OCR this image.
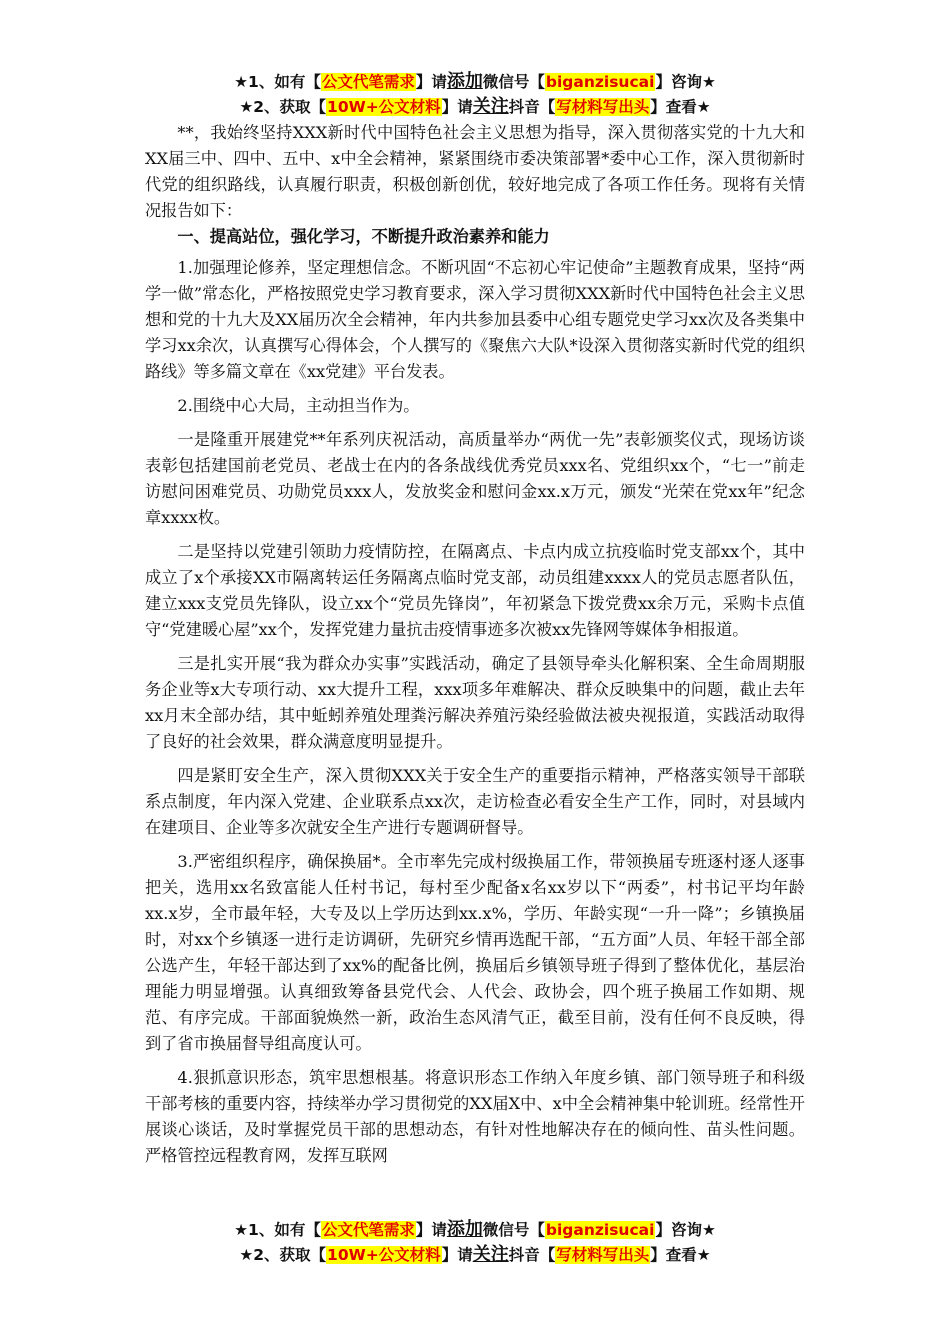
★1、如有【公文代笔需求】请添加微信号【biganzisucai】咨询★
★2、获取【10W+公文材料】请关注抖音【写材料写出头】查看★

**，我始终坚持XXX新时代中国特色社会主义思想为指导，深入贯彻落实党的十九大和XX届三中、四中、五中、x中全会精神，紧紧围绕市委决策部署*委中心工作，深入贯彻新时代党的组织路线，认真履行职责，积极创新创优，较好地完成了各项工作任务。现将有关情况报告如下：

一、提高站位，强化学习，不断提升政治素养和能力

1.加强理论修养，坚定理想信念。不断巩固“不忘初心牢记使命”主题教育成果，坚持“两学一做”常态化，严格按照党史学习教育要求，深入学习贯彻XXX新时代中国特色社会主义思想和党的十九大及XX届历次全会精神，年内共参加县委中心组专题党史学习xx次及各类集中学习xx余次，认真撰写心得体会，个人撰写的《聚焦六大队*设深入贯彻落实新时代党的组织路线》等多篇文章在《xx党建》平台发表。

2.围绕中心大局，主动担当作为。

一是隆重开展建党**年系列庆祝活动，高质量举办“两优一先”表彰颁奖仪式，现场访谈表彰包括建国前老党员、老战士在内的各条战线优秀党员xxx名、党组织xx个，“七一”前走访慰问困难党员、功勋党员xxx人，发放奖金和慰问金xx.x万元，颁发“光荣在党xx年”纪念章xxxx枚。

二是坚持以党建引领助力疫情防控，在隔离点、卡点内成立抗疫临时党支部xx个，其中成立了x个承接XX市隔离转运任务隔离点临时党支部，动员组建xxxx人的党员志愿者队伍，建立xxx支党员先锋队，设立xx个“党员先锋岗”，年初紧急下拨党费xx余万元，采购卡点值守“党建暖心屋”xx个，发挥党建力量抗击疫情事迹多次被xx先锋网等媒体争相报道。

三是扎实开展“我为群众办实事”实践活动，确定了县领导牵头化解积案、全生命周期服务企业等x大专项行动、xx大提升工程，xxx项多年难解决、群众反映集中的问题，截止去年xx月末全部办结，其中蚯蚓养殖处理粪污解决养殖污染经验做法被央视报道，实践活动取得了良好的社会效果，群众满意度明显提升。

四是紧盯安全生产，深入贯彻XXX关于安全生产的重要指示精神，严格落实领导干部联系点制度，年内深入党建、企业联系点xx次，走访检查必看安全生产工作，同时，对县域内在建项目、企业等多次就安全生产进行专题调研督导。

3.严密组织程序，确保换届*。全市率先完成村级换届工作，带领换届专班逐村逐人逐事把关，选用xx名致富能人任村书记，每村至少配备x名xx岁以下“两委”，村书记平均年龄xx.x岁，全市最年轻，大专及以上学历达到xx.x%，学历、年龄实现“一升一降”；乡镇换届时，对xx个乡镇逐一进行走访调研，先研究乡情再选配干部，“五方面”人员、年轻干部全部公选产生，年轻干部达到了xx%的配备比例，换届后乡镇领导班子得到了整体优化，基层治理能力明显增强。认真细致筹备县党代会、人代会、政协会，四个班子换届工作如期、规范、有序完成。干部面貌焕然一新，政治生态风清气正，截至目前，没有任何不良反映，得到了省市换届督导组高度认可。

4.狠抓意识形态，筑牢思想根基。将意识形态工作纳入年度乡镇、部门领导班子和科级干部考核的重要内容，持续举办学习贯彻党的XX届X中、x中全会精神集中轮训班。经常性开展谈心谈话，及时掌握党员干部的思想动态，有针对性地解决存在的倾向性、苗头性问题。严格管控远程教育网，发挥互联网

★1、如有【公文代笔需求】请添加微信号【biganzisucai】咨询★
★2、获取【10W+公文材料】请关注抖音【写材料写出头】查看★
